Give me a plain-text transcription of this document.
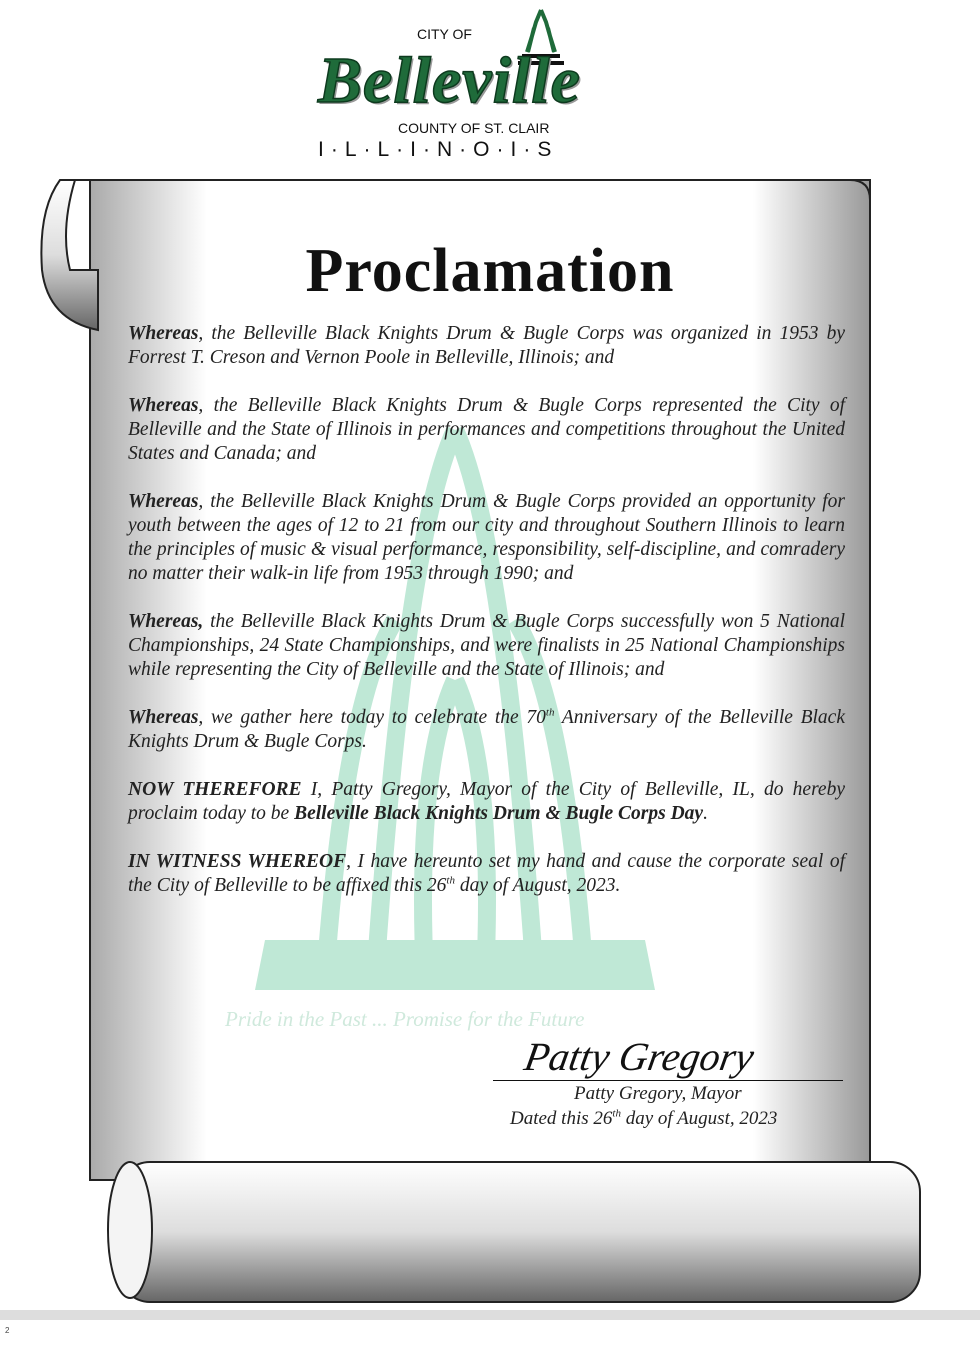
CITY OF
Belleville
COUNTY OF ST. CLAIR
I·L·L·I·N·O·I·S
Proclamation

Whereas, the Belleville Black Knights Drum & Bugle Corps was organized in 1953 by Forrest T. Creson and Vernon Poole in Belleville, Illinois; and

Whereas, the Belleville Black Knights Drum & Bugle Corps represented the City of Belleville and the State of Illinois in performances and competitions throughout the United States and Canada; and

Whereas, the Belleville Black Knights Drum & Bugle Corps provided an opportunity for youth between the ages of 12 to 21 from our city and throughout Southern Illinois to learn the principles of music & visual performance, responsibility, self-discipline, and comradery no matter their walk-in life from 1953 through 1990; and

Whereas, the Belleville Black Knights Drum & Bugle Corps successfully won 5 National Championships, 24 State Championships, and were finalists in 25 National Championships while representing the City of Belleville and the State of Illinois; and

Whereas, we gather here today to celebrate the 70th Anniversary of the Belleville Black Knights Drum & Bugle Corps.

NOW THEREFORE I, Patty Gregory, Mayor of the City of Belleville, IL, do hereby proclaim today to be Belleville Black Knights Drum & Bugle Corps Day.

IN WITNESS WHEREOF, I have hereunto set my hand and cause the corporate seal of the City of Belleville to be affixed this 26th day of August, 2023.

Pride in the Past ... Promise for the Future
Patty Gregory
Patty Gregory, Mayor
Dated this 26th day of August, 2023
2
